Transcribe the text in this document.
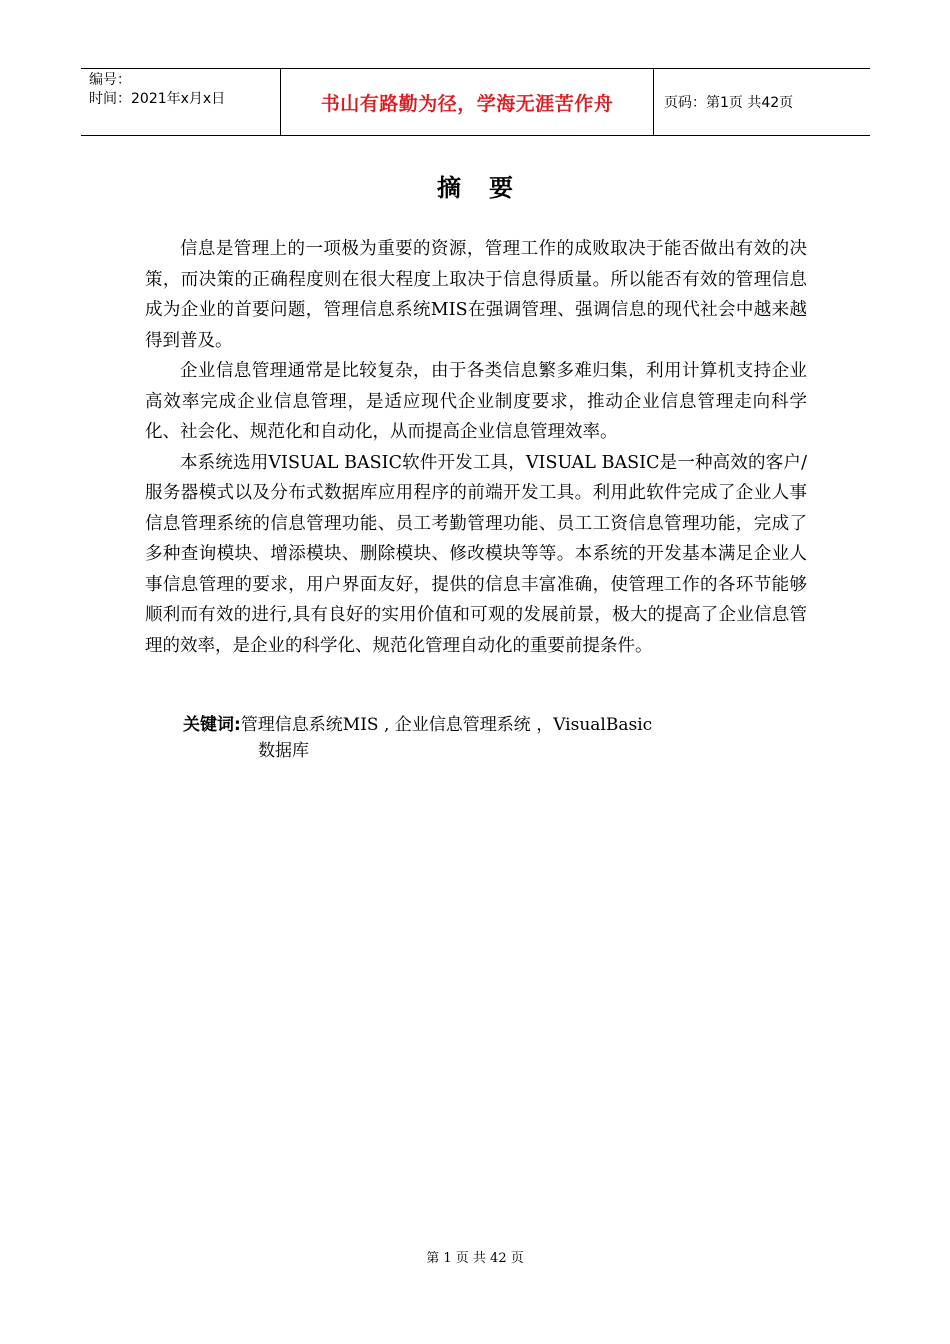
编号：
时间：2021年x月x日	书山有路勤为径，学海无涯苦作舟	页码：第1页 共42页
摘要

信息是管理上的一项极为重要的资源，管理工作的成败取决于能否做出有效的决策，而决策的正确程度则在很大程度上取决于信息得质量。所以能否有效的管理信息成为企业的首要问题，管理信息系统MIS在强调管理、强调信息的现代社会中越来越得到普及。

企业信息管理通常是比较复杂，由于各类信息繁多难归集，利用计算机支持企业高效率完成企业信息管理，是适应现代企业制度要求，推动企业信息管理走向科学化、社会化、规范化和自动化，从而提高企业信息管理效率。

本系统选用VISUAL BASIC软件开发工具，VISUAL BASIC是一种高效的客户/服务器模式以及分布式数据库应用程序的前端开发工具。利用此软件完成了企业人事信息管理系统的信息管理功能、员工考勤管理功能、员工工资信息管理功能，完成了多种查询模块、增添模块、删除模块、修改模块等等。本系统的开发基本满足企业人事信息管理的要求，用户界面友好，提供的信息丰富准确，使管理工作的各环节能够顺利而有效的进行,具有良好的实用价值和可观的发展前景，极大的提高了企业信息管理的效率，是企业的科学化、规范化管理自动化的重要前提条件。

关键词:管理信息系统MIS , 企业信息管理系统 ，VisualBasic
数据库
第 1 页 共 42 页
